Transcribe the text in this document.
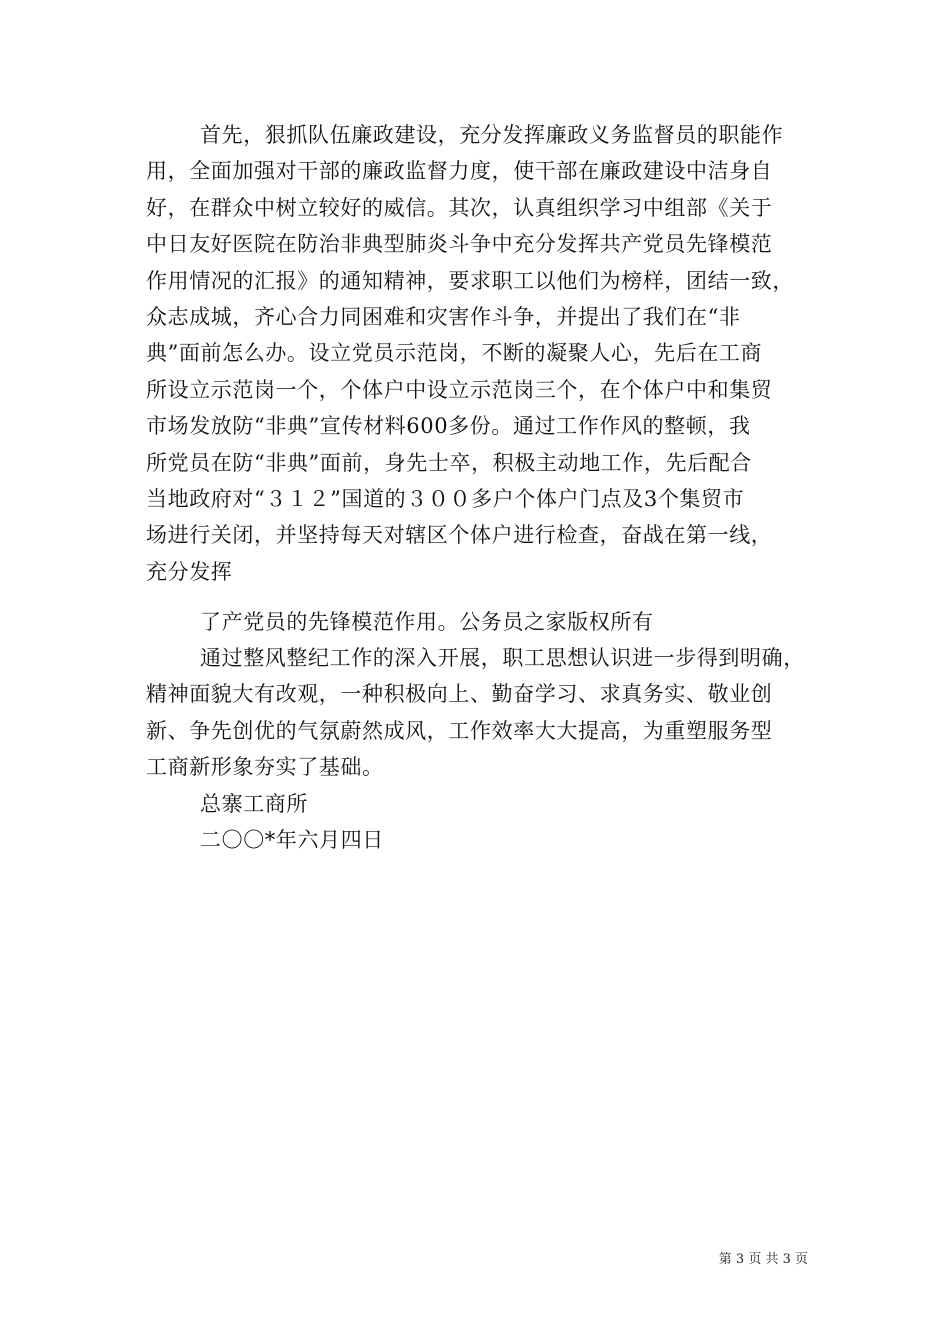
首先，狠抓队伍廉政建设，充分发挥廉政义务监督员的职能作
用，全面加强对干部的廉政监督力度，使干部在廉政建设中洁身自
好，在群众中树立较好的威信。其次，认真组织学习中组部《关于
中日友好医院在防治非典型肺炎斗争中充分发挥共产党员先锋模范
作用情况的汇报》的通知精神，要求职工以他们为榜样，团结一致，
众志成城，齐心合力同困难和灾害作斗争，并提出了我们在“非
典”面前怎么办。设立党员示范岗，不断的凝聚人心，先后在工商
所设立示范岗一个，个体户中设立示范岗三个，在个体户中和集贸
市场发放防“非典”宣传材料600多份。通过工作作风的整顿，我
所党员在防“非典”面前，身先士卒，积极主动地工作，先后配合
当地政府对“３１２”国道的３００多户个体户门点及3个集贸市
场进行关闭，并坚持每天对辖区个体户进行检查，奋战在第一线，
充分发挥
了产党员的先锋模范作用。公务员之家版权所有
通过整风整纪工作的深入开展，职工思想认识进一步得到明确，
精神面貌大有改观，一种积极向上、勤奋学习、求真务实、敬业创
新、争先创优的气氛蔚然成风，工作效率大大提高，为重塑服务型
工商新形象夯实了基础。
总寨工商所
二〇〇*年六月四日
第 3 页 共 3 页
